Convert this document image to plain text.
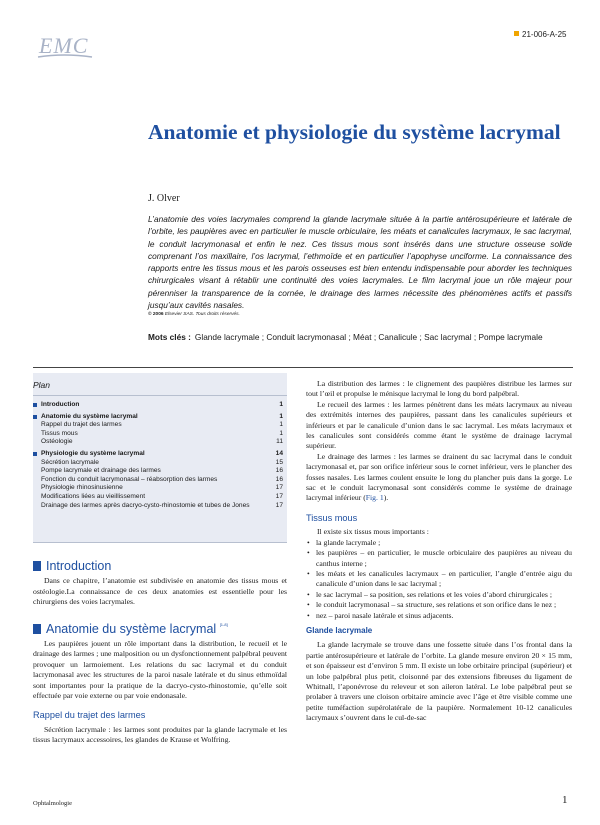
EMC	21-006-A-25
Anatomie et physiologie du système lacrymal
J. Olver
L’anatomie des voies lacrymales comprend la glande lacrymale située à la partie antérosupérieure et latérale de l’orbite, les paupières avec en particulier le muscle orbiculaire, les méats et canalicules lacrymaux, le sac lacrymal, le conduit lacrymonasal et enfin le nez. Ces tissus mous sont insérés dans une structure osseuse solide comprenant l’os maxillaire, l’os lacrymal, l’ethmoïde et en particulier l’apophyse unciforme. La connaissance des rapports entre les tissus mous et les parois osseuses est bien entendu indispensable pour aborder les techniques chirurgicales visant à rétablir une continuité des voies lacrymales. Le film lacrymal joue un rôle majeur pour pérenniser la transparence de la cornée, le drainage des larmes nécessite des phénomènes actifs et passifs jusqu’aux cavités nasales.
© 2006 Elsevier SAS. Tous droits réservés.
Mots clés : Glande lacrymale ; Conduit lacrymonasal ; Méat ; Canalicule ; Sac lacrymal ; Pompe lacrymale
Plan
Introduction	1
Anatomie du système lacrymal	1
Rappel du trajet des larmes	1
Tissus mous	1
Ostéologie	11
Physiologie du système lacrymal	14
Sécrétion lacrymale	15
Pompe lacrymale et drainage des larmes	16
Fonction du conduit lacrymonasal – réabsorption des larmes	16
Physiologie rhinosinusienne	17
Modifications liées au vieillissement	17
Drainage des larmes après dacryo-cysto-rhinostomie et tubes de Jones	17
Introduction

Dans ce chapitre, l’anatomie est subdivisée en anatomie des tissus mous et ostéologie.La connaissance de ces deux anatomies est essentielle pour les chirurgiens des voies lacrymales.

Anatomie du système lacrymal [1-8]

Les paupières jouent un rôle important dans la distribution, le recueil et le drainage des larmes ; une malposition ou un dysfonctionnement palpébral peuvent provoquer un larmoiement. Les relations du sac lacrymal et du conduit lacrymonasal avec les structures de la paroi nasale latérale et du sinus ethmoïdal sont importantes pour la pratique de la dacryo-cysto-rhinostomie, qu’elle soit effectuée par voie externe ou par voie endonasale.

Rappel du trajet des larmes

Sécrétion lacrymale : les larmes sont produites par la glande lacrymale et les tissus lacrymaux accessoires, les glandes de Krause et Wolfring.

La distribution des larmes : le clignement des paupières distribue les larmes sur tout l’œil et propulse le ménisque lacrymal le long du bord palpébral.

Le recueil des larmes : les larmes pénètrent dans les méats lacrymaux au niveau des extrémités internes des paupières, passant dans les canalicules supérieurs et inférieurs et par le canalicule d’union dans le sac lacrymal. Les méats lacrymaux et les canalicules sont considérés comme étant le système de drainage lacrymal supérieur.

Le drainage des larmes : les larmes se drainent du sac lacrymal dans le conduit lacrymonasal et, par son orifice inférieur sous le cornet inférieur, vers le plancher des fosses nasales. Les larmes coulent ensuite le long du plancher puis dans la gorge. Le sac et le conduit lacrymonasal sont considérés comme le système de drainage lacrymal inférieur (Fig. 1).

Tissus mous

Il existe six tissus mous importants :

• la glande lacrymale ;
• les paupières – en particulier, le muscle orbiculaire des paupières au niveau du canthus interne ;
• les méats et les canalicules lacrymaux – en particulier, l’angle d’entrée aigu du canalicule d’union dans le sac lacrymal ;
• le sac lacrymal – sa position, ses relations et les voies d’abord chirurgicales ;
• le conduit lacrymonasal – sa structure, ses relations et son orifice dans le nez ;
• nez – paroi nasale latérale et sinus adjacents.
Glande lacrymale

La glande lacrymale se trouve dans une fossette située dans l’os frontal dans la partie antérosupérieure et latérale de l’orbite. La glande mesure environ 20 × 15 mm, et son épaisseur est d’environ 5 mm. Il existe un lobe orbitaire principal (supérieur) et un lobe palpébral plus petit, cloisonné par des extensions fibreuses du ligament de Whitnall, l’aponévrose du releveur et son aileron latéral. Le lobe palpébral peut se prolaber à travers une cloison orbitaire amincie avec l’âge et être visible comme une petite tuméfaction supérolatérale de la paupière. Normalement 10-12 canalicules lacrymaux s’ouvrent dans le cul-de-sac

Ophtalmologie	1
